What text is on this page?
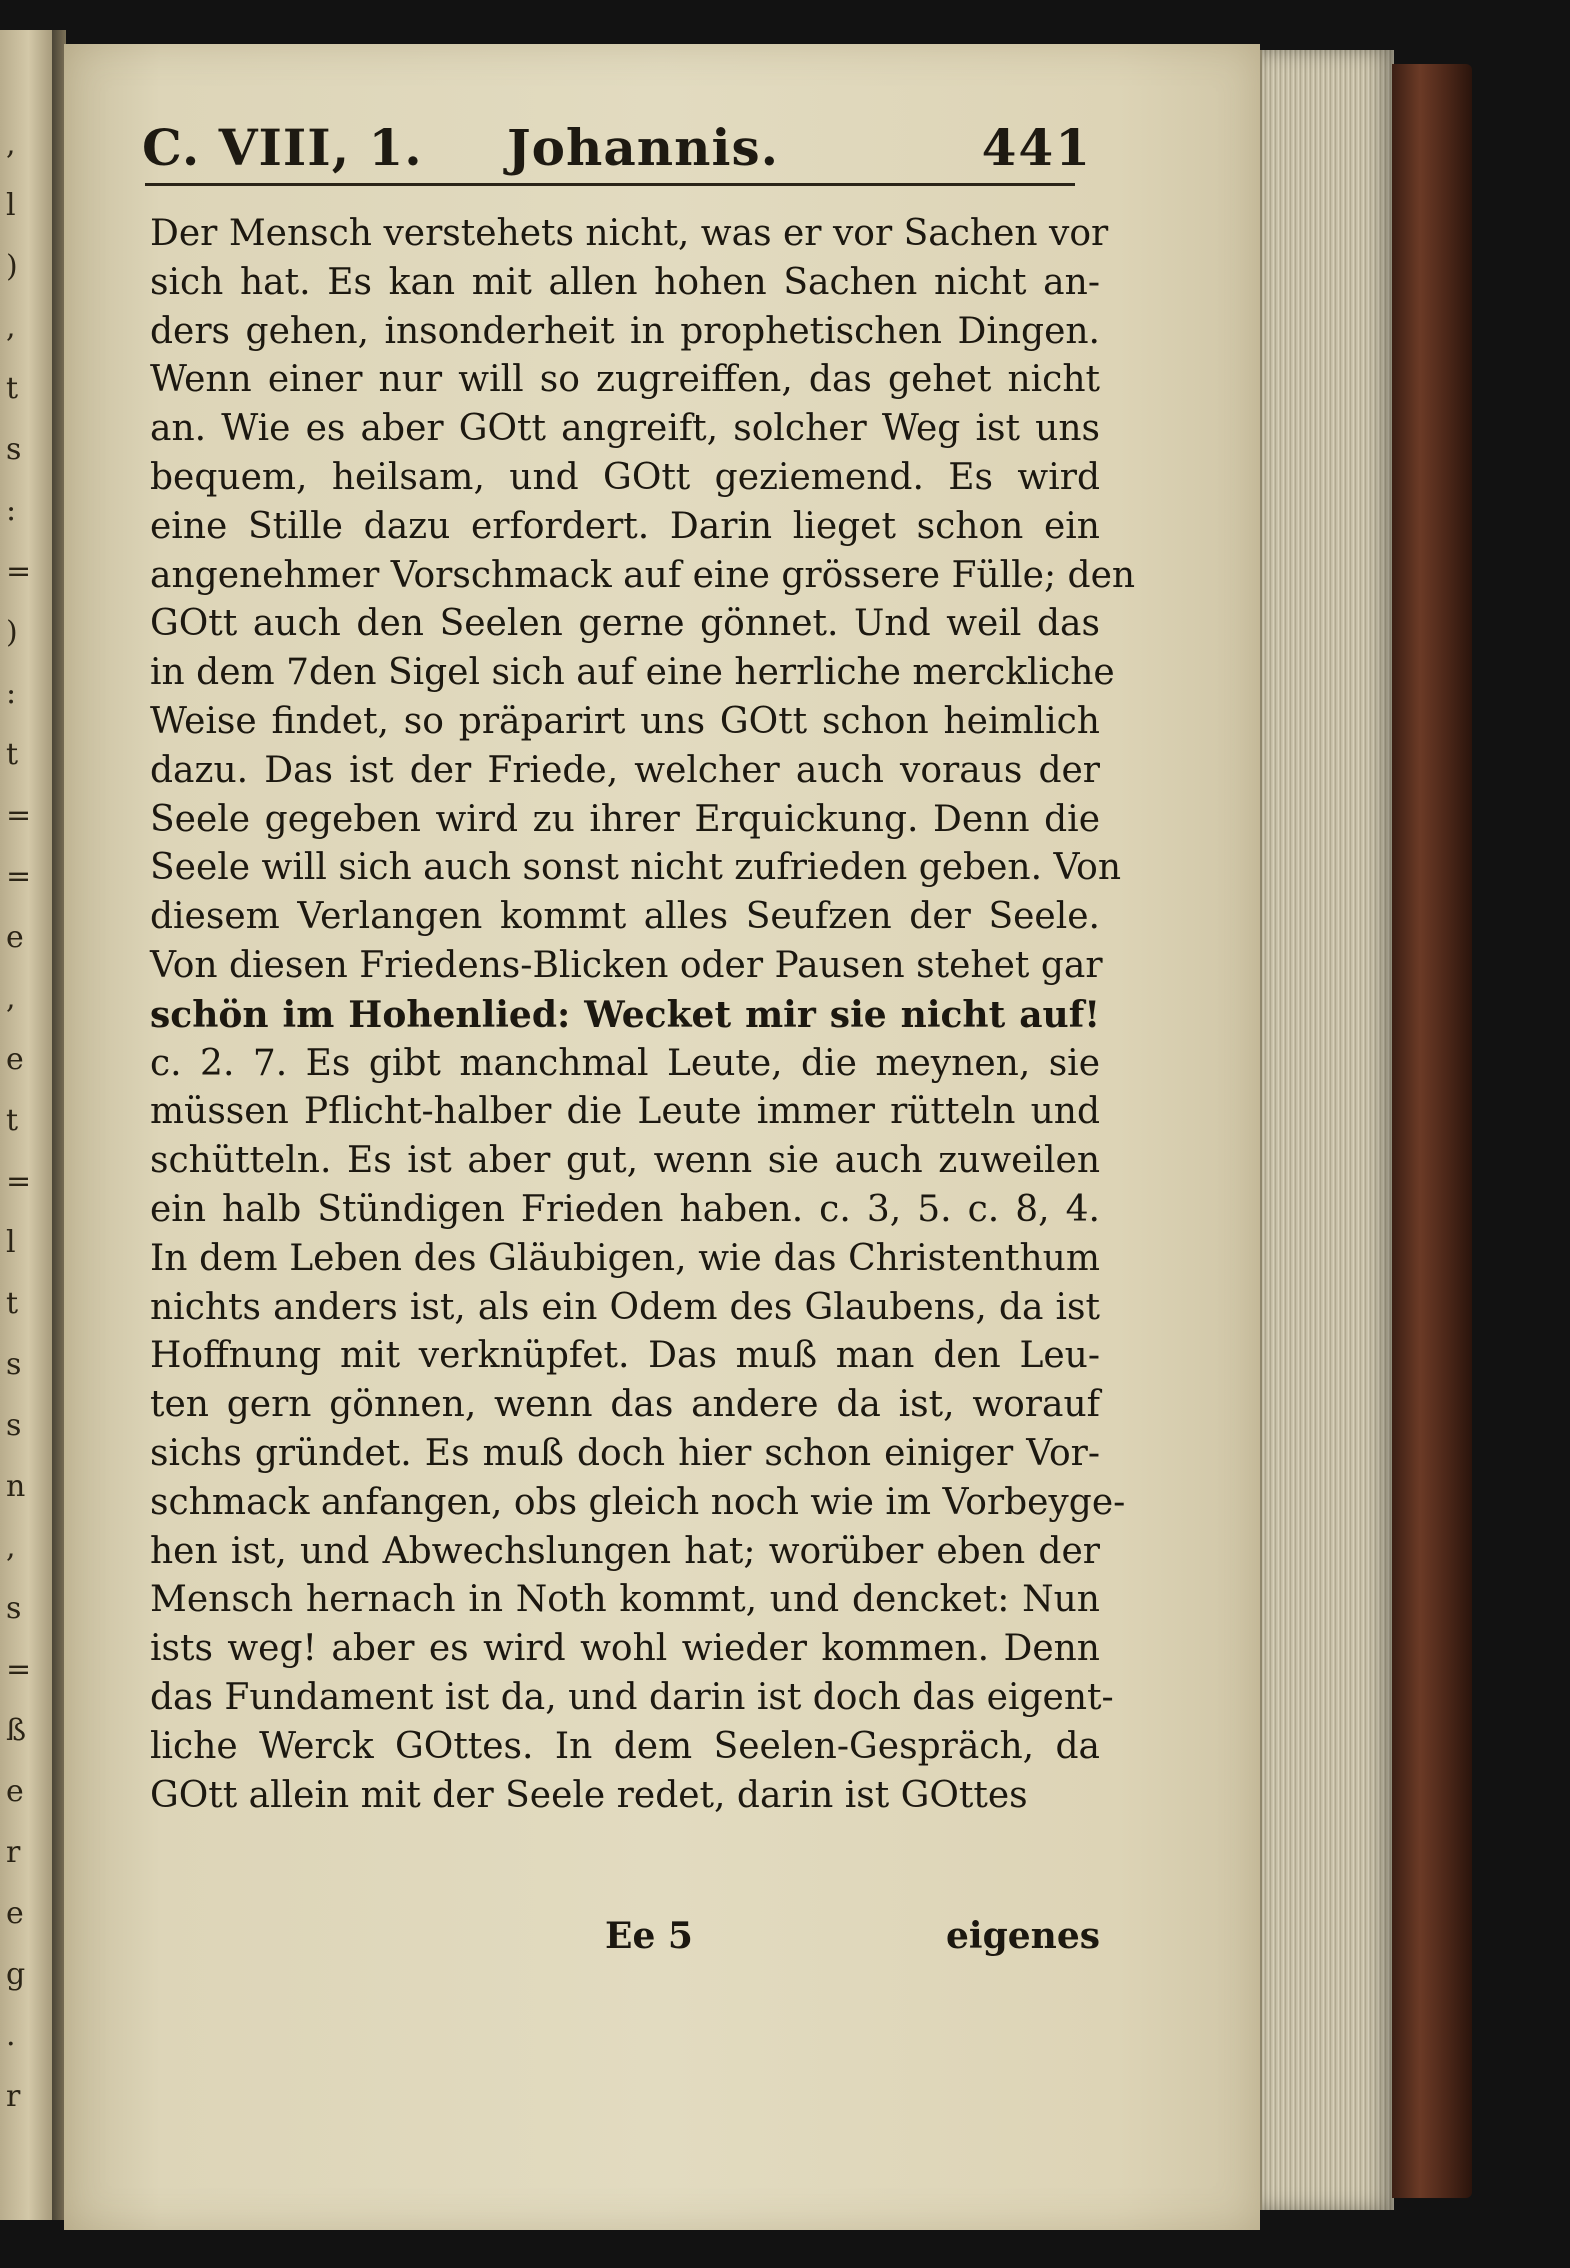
,
l
)
,
t
s
:
=
)
:
t
=
=
e
,
e
t
=
l
t
s
s
n
,
s
=
ß
e
r
e
g
.
r
C. VIII, 1. Johannis.	441
Der Mensch verstehets nicht, was er vor Sachen vor
sich hat. Es kan mit allen hohen Sachen nicht an-
ders gehen, insonderheit in prophetischen Dingen.
Wenn einer nur will so zugreiffen, das gehet nicht
an. Wie es aber GOtt angreift, solcher Weg ist uns
bequem, heilsam, und GOtt geziemend. Es wird
eine Stille dazu erfordert. Darin lieget schon ein
angenehmer Vorschmack auf eine grössere Fülle; den
GOtt auch den Seelen gerne gönnet. Und weil das
in dem 7den Sigel sich auf eine herrliche merckliche
Weise findet, so präparirt uns GOtt schon heimlich
dazu. Das ist der Friede, welcher auch voraus der
Seele gegeben wird zu ihrer Erquickung. Denn die
Seele will sich auch sonst nicht zufrieden geben. Von
diesem Verlangen kommt alles Seufzen der Seele.
Von diesen Friedens-Blicken oder Pausen stehet gar
schön im Hohenlied: Wecket mir sie nicht auf!
c. 2. 7. Es gibt manchmal Leute, die meynen, sie
müssen Pflicht-halber die Leute immer rütteln und
schütteln. Es ist aber gut, wenn sie auch zuweilen
ein halb Stündigen Frieden haben. c. 3, 5. c. 8, 4.
In dem Leben des Gläubigen, wie das Christenthum
nichts anders ist, als ein Odem des Glaubens, da ist
Hoffnung mit verknüpfet. Das muß man den Leu-
ten gern gönnen, wenn das andere da ist, worauf
sichs gründet. Es muß doch hier schon einiger Vor-
schmack anfangen, obs gleich noch wie im Vorbeyge-
hen ist, und Abwechslungen hat; worüber eben der
Mensch hernach in Noth kommt, und dencket: Nun
ists weg! aber es wird wohl wieder kommen. Denn
das Fundament ist da, und darin ist doch das eigent-
liche Werck GOttes. In dem Seelen-Gespräch, da
GOtt allein mit der Seele redet, darin ist GOttes
Ee 5	eigenes
